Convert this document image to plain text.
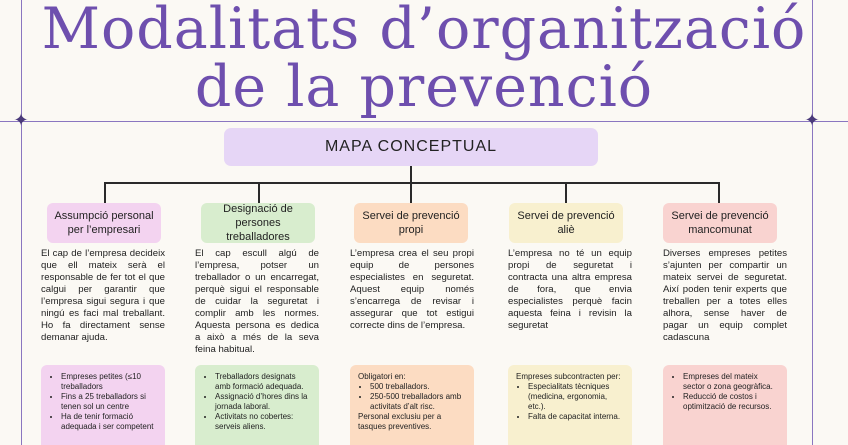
✦	✦
Modalitats d’organització
de la prevenció
MAPA CONCEPTUAL
Assumpció personal per l’empresari
El cap de l’empresa decideix que ell mateix serà el responsable de fer tot el que calgui per garantir que l’empresa sigui segura i que ningú es faci mal treballant. Ho fa directament sense demanar ajuda.
• Empreses petites (≤10 treballadors
• Fins a 25 treballadors si tenen sol un centre
• Ha de tenir formació adequada i ser competent
Designació de persones treballadores
El cap escull algú de l’empresa, potser un treballador o un encarregat, perquè sigui el responsable de cuidar la seguretat i complir amb les normes. Aquesta persona es dedica a això a més de la seva feina habitual.
• Treballadors designats amb formació adequada.
• Assignació d’hores dins la jornada laboral.
• Activitats no cobertes: serveis aliens.
Servei de prevenció propi
L’empresa crea el seu propi equip de persones especialistes en seguretat. Aquest equip només s’encarrega de revisar i assegurar que tot estigui correcte dins de l’empresa.

Obligatori en:

• 500 treballadors.
• 250-500 treballadors amb activitats d’alt risc.

Personal exclusiu per a tasques preventives.

Servei de prevenció aliè
L’empresa no té un equip propi de seguretat i contracta una altra empresa de fora, que envia especialistes perquè facin aquesta feina i revisin la seguretat

Empreses subcontracten per:

• Especialitats tècniques (medicina, ergonomia, etc.).
• Falta de capacitat interna.
Servei de prevenció mancomunat
Diverses empreses petites s’ajunten per compartir un mateix servei de seguretat. Així poden tenir experts que treballen per a totes elles alhora, sense haver de pagar un equip complet cadascuna
• Empreses del mateix sector o zona geogràfica.
• Reducció de costos i optimització de recursos.
